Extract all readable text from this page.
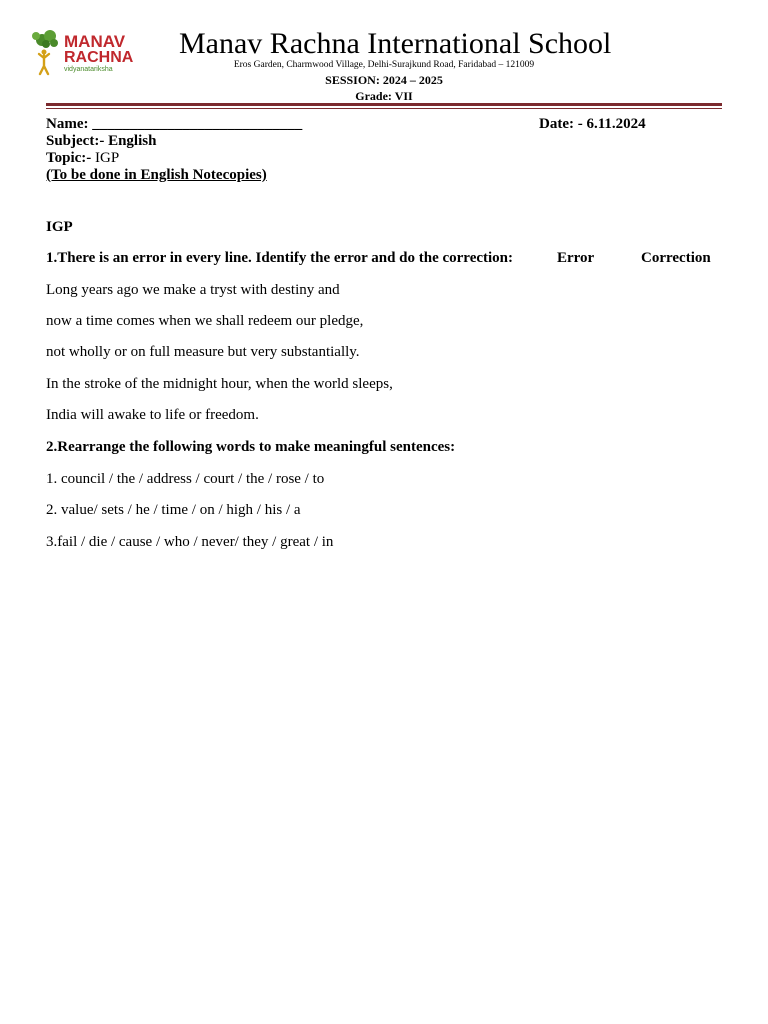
MANAV
RACHNA
vidyanatariksha
Manav Rachna International School
Eros Garden, Charmwood Village, Delhi-Surajkund Road, Faridabad – 121009
SESSION: 2024 – 2025
Grade: VII
Name: ____________________________	Date: - 6.11.2024
Subject:- English
Topic:- IGP
(To be done in English Notecopies)
IGP
1.There is an error in every line. Identify the error and do the correction:	Error	Correction
Long years ago we make a tryst with destiny and
now a time comes when we shall redeem our pledge,
not wholly or on full measure but very substantially.
In the stroke of the midnight hour, when the world sleeps,
India will awake to life or freedom.
2.Rearrange the following words to make meaningful sentences:
1. council / the / address / court / the / rose / to
2. value/ sets / he / time / on / high / his / a
3.fail / die / cause / who / never/ they / great / in
